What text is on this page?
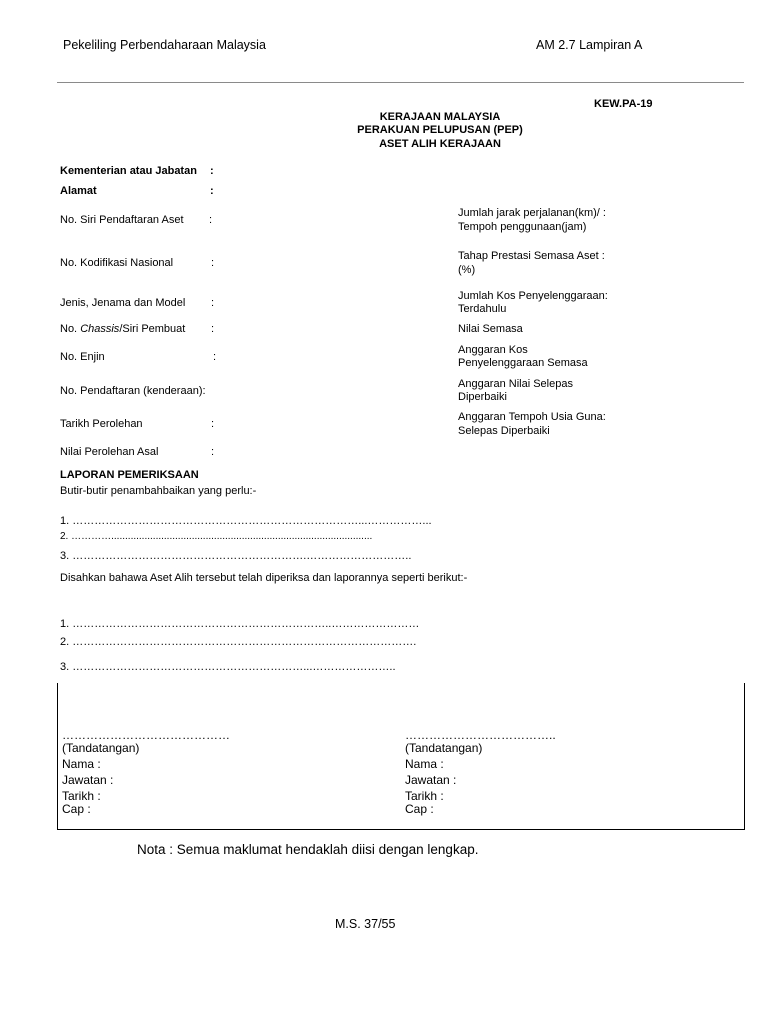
Pekeliling Perbendaharaan Malaysia	AM 2.7 Lampiran A
KEW.PA-19
KERAJAAN MALAYSIA
PERAKUAN PELUPUSAN (PEP)
ASET ALIH KERAJAAN
Kementerian atau Jabatan :
Alamat	:
No. Siri Pendaftaran Aset :
No. Kodifikasi Nasional	:
Jenis, Jenama dan Model :
No. Chassis/Siri Pembuat :
No. Enjin	:
No. Pendaftaran (kenderaan):
Tarikh Perolehan	:
Nilai Perolehan Asal	:
Jumlah jarak perjalanan(km)/ :
Tempoh penggunaan(jam)
Tahap Prestasi Semasa Aset :
(%)
Jumlah Kos Penyelenggaraan:
Terdahulu
Nilai Semasa
Anggaran Kos
Penyelenggaraan Semasa
Anggaran Nilai Selepas
Diperbaiki
Anggaran Tempoh Usia Guna:
Selepas Diperbaiki
LAPORAN PEMERIKSAAN
Butir-butir penambahbaikan yang perlu:-
1. ……………………………………………………………………...……………...
2. …………..............................................................................................
3. ……………………………………………………….………………………..
Disahkan bahawa Aset Alih tersebut telah diperiksa dan laporannya seperti berikut:-
1. ……………………………………………………………..……………………
2. ………………………………………………………………………………….
3. ………………………………………………………...…………………..
……………………………………
(Tandatangan)
Nama :
Jawatan :
Tarikh :
Cap :
………………………………..
(Tandatangan)
Nama :
Jawatan :
Tarikh :
Cap :
Nota : Semua maklumat hendaklah diisi dengan lengkap.
M.S. 37/55
